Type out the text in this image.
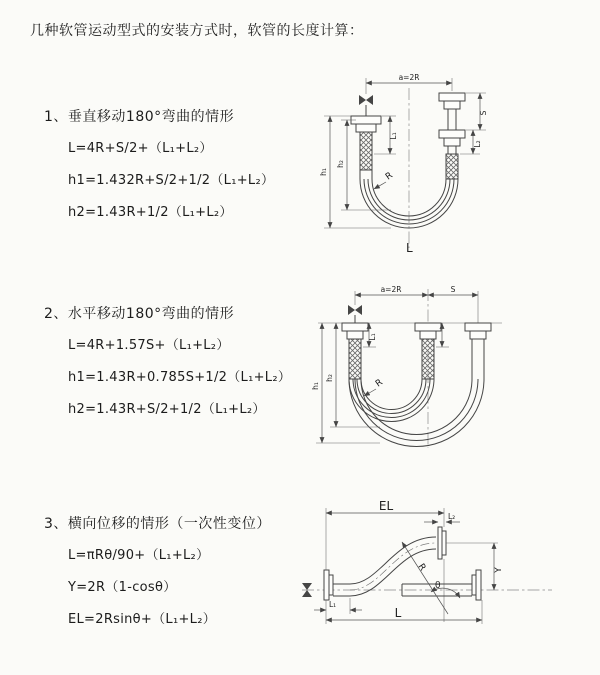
几种软管运动型式的安装方式时，软管的长度计算：
1、垂直移动180°弯曲的情形
L=4R+S/2+（L₁+L₂）
h1=1.432R+S/2+1/2（L₁+L₂）
h2=1.43R+1/2（L₁+L₂）
2、水平移动180°弯曲的情形
L=4R+1.57S+（L₁+L₂）
h1=1.43R+0.785S+1/2（L₁+L₂）
h2=1.43R+S/2+1/2（L₁+L₂）
3、横向位移的情形（一次性变位）
L=πRθ/90+（L₁+L₂）
Y=2R（1-cosθ）
EL=2Rsinθ+（L₁+L₂）
a=2R
L₁
h₁
h₂
S
L₂
R
L
a=2R	S
h₁
h₂
L₁
R
EL
L₂
L₁
L
Y
R
θ
